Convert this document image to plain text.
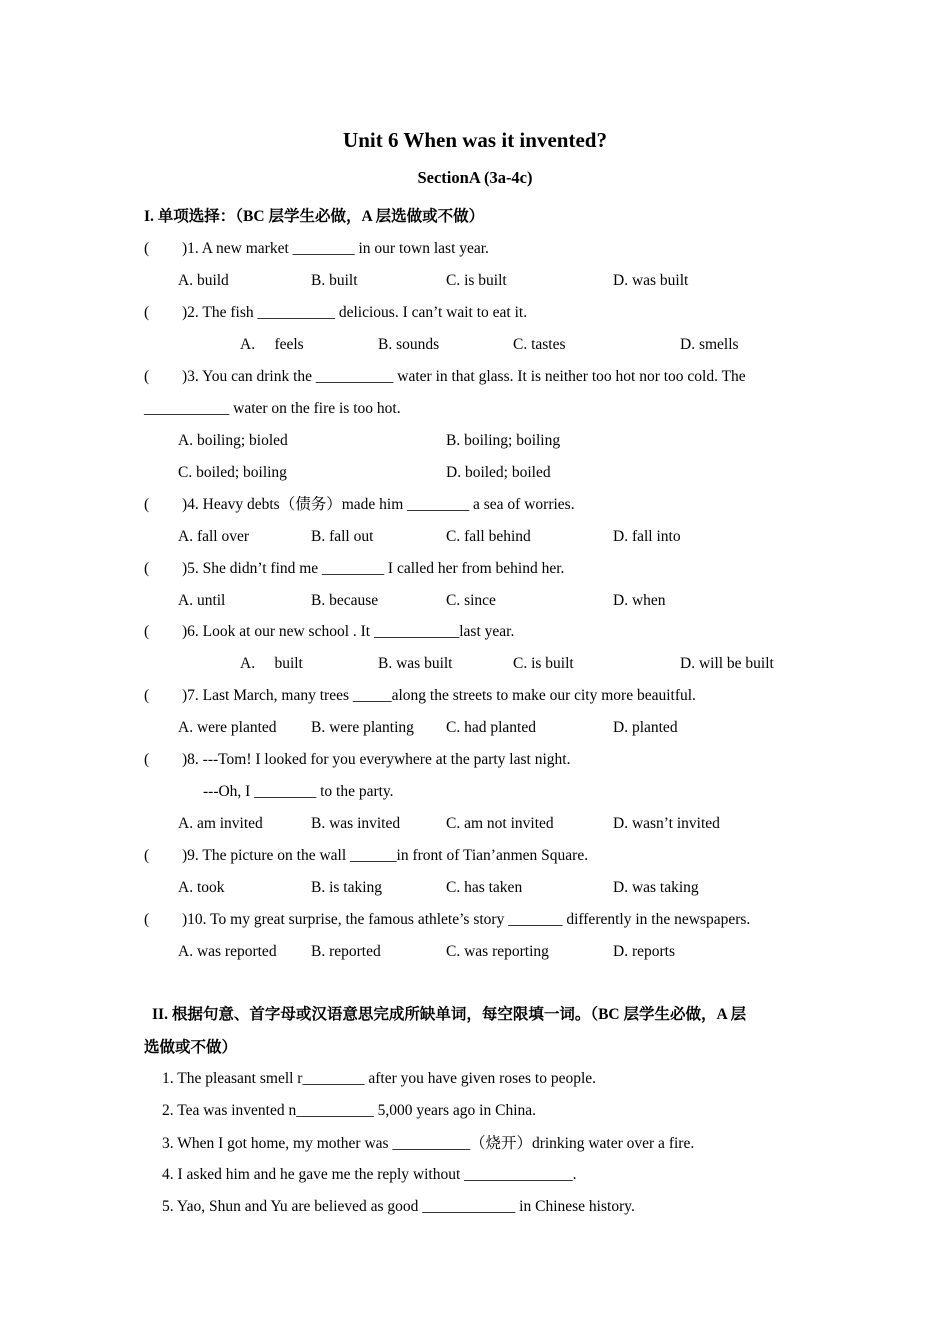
Unit 6 When was it invented?
SectionA (3a-4c)
I. 单项选择：（BC 层学生必做，A 层选做或不做）
( )1. A new market ________ in our town last year.
A. build	B. built	C. is built	D. was built
( )2. The fish __________ delicious. I can’t wait to eat it.
A.     feels	B. sounds	C. tastes	D. smells
( )3. You can drink the __________ water in that glass. It is neither too hot nor too cold. The
___________ water on the fire is too hot.
A. boiling; bioled	B. boiling; boiling
C. boiled; boiling	D. boiled; boiled
( )4. Heavy debts（债务）made him ________ a sea of worries.
A. fall over	B. fall out	C. fall behind	D. fall into
( )5. She didn’t find me ________ I called her from behind her.
A. until	B. because	C. since	D. when
( )6. Look at our new school . It ___________last year.
A.     built	B. was built	C. is built	D. will be built
( )7. Last March, many trees _____along the streets to make our city more beauitful.
A. were planted B. were planting C. had planted	D. planted
( )8. ---Tom! I looked for you everywhere at the party last night.
---Oh, I ________ to the party.
A. am invited	B. was invited	C. am not invited	D. wasn’t invited
( )9. The picture on the wall ______in front of Tian’anmen Square.
A. took	B. is taking	C. has taken	D. was taking
( )10. To my great surprise, the famous athlete’s story _______ differently in the newspapers.
A. was reported B. reported	C. was reporting	D. reports
II. 根据句意、首字母或汉语意思完成所缺单词，每空限填一词。（BC 层学生必做，A 层
选做或不做）
1. The pleasant smell r________ after you have given roses to people.
2. Tea was invented n__________ 5,000 years ago in China.
3. When I got home, my mother was __________（烧开）drinking water over a fire.
4. I asked him and he gave me the reply without ______________.
5. Yao, Shun and Yu are believed as good ____________ in Chinese history.
